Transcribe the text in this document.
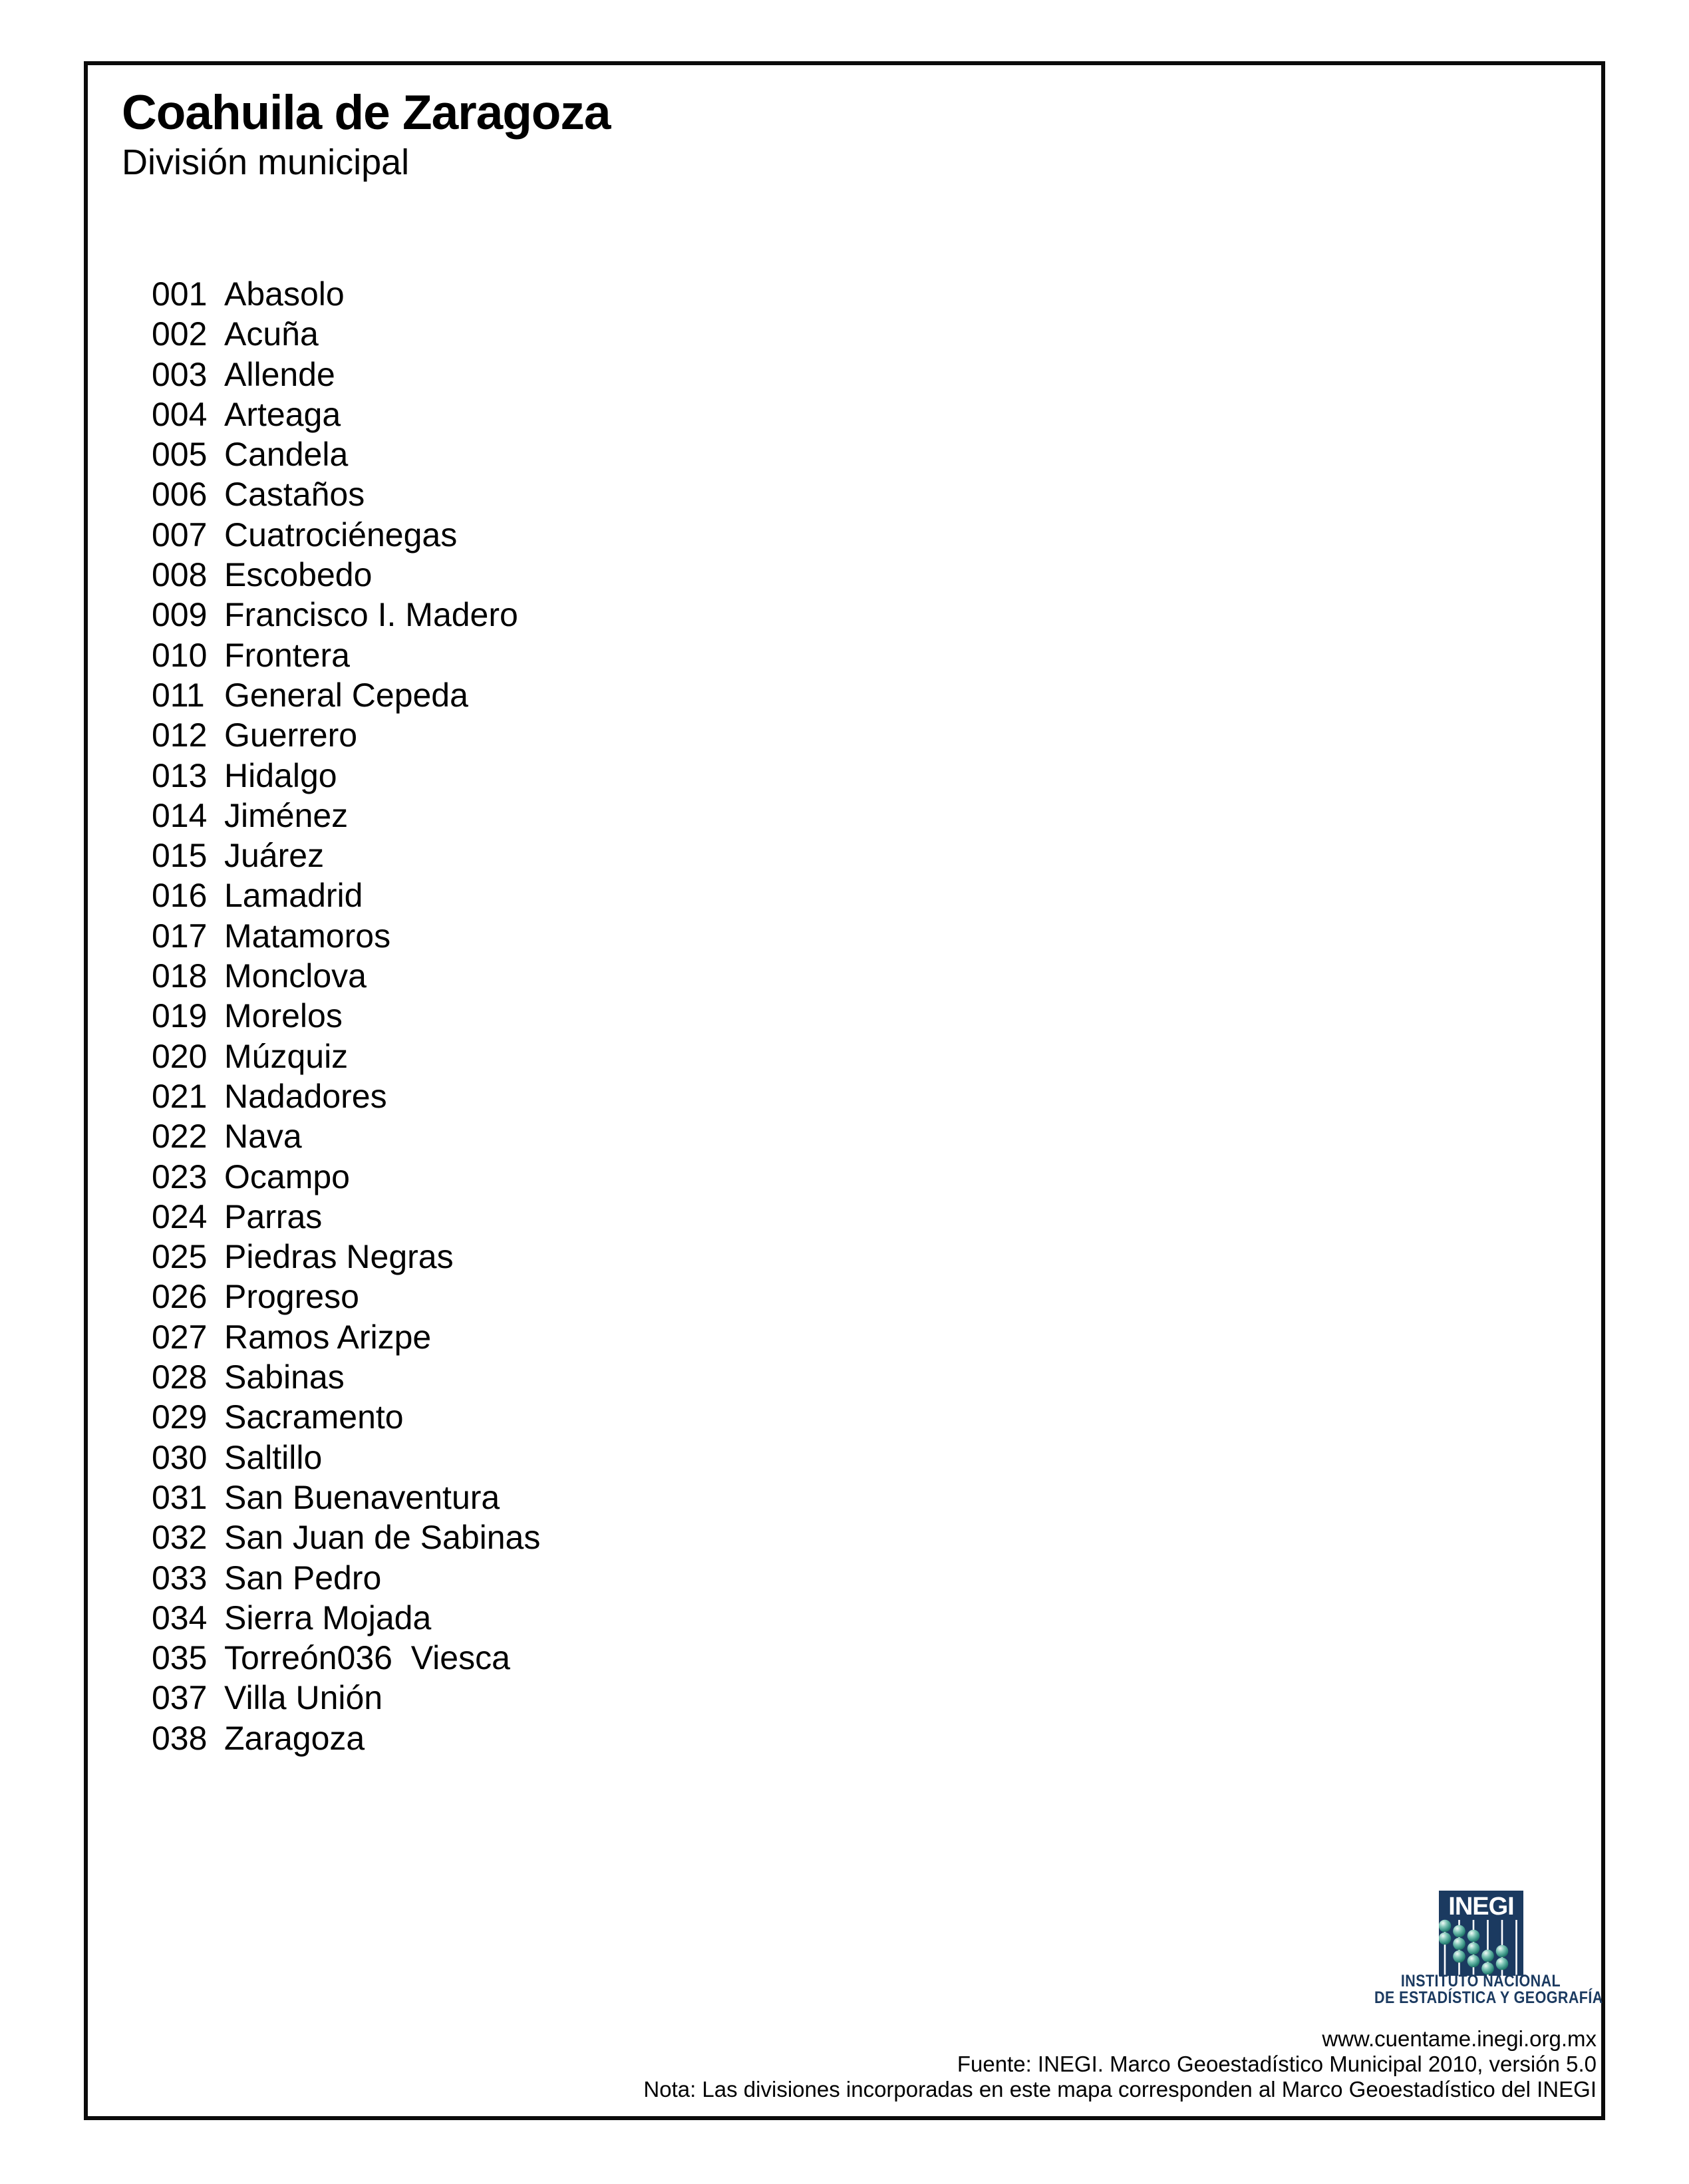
Coahuila de Zaragoza
División municipal
001 Abasolo
002 Acuña
003 Allende
004 Arteaga
005 Candela
006 Castaños
007 Cuatrociénegas
008 Escobedo
009 Francisco I. Madero
010 Frontera
011 General Cepeda
012 Guerrero
013 Hidalgo
014 Jiménez
015 Juárez
016 Lamadrid
017 Matamoros
018 Monclova
019 Morelos
020 Múzquiz
021 Nadadores
022 Nava
023 Ocampo
024 Parras
025 Piedras Negras
026 Progreso
027 Ramos Arizpe
028 Sabinas
029 Sacramento
030 Saltillo
031 San Buenaventura
032 San Juan de Sabinas
033 San Pedro
034 Sierra Mojada
035 Torreón036  Viesca
037 Villa Unión
038 Zaragoza
INEGI
INSTITUTO NACIONAL
DE ESTADÍSTICA Y GEOGRAFÍA
www.cuentame.inegi.org.mx
Fuente: INEGI. Marco Geoestadístico Municipal 2010, versión 5.0
Nota: Las divisiones incorporadas en este mapa corresponden al Marco Geoestadístico del INEGI
